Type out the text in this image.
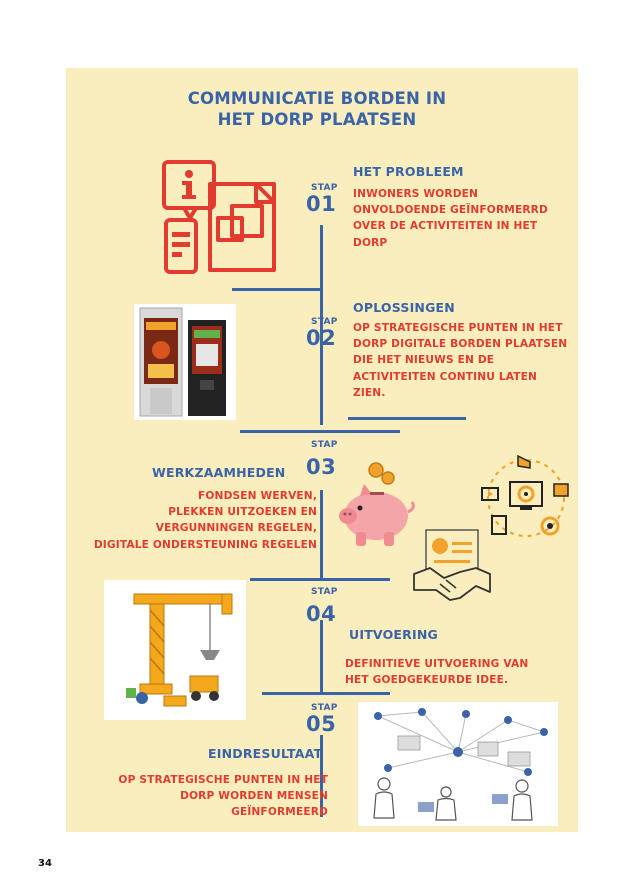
COMMUNICATIE BORDEN IN
HET DORP PLAATSEN
STAP
01
HET PROBLEEM
INWONERS WORDEN
ONVOLDOENDE GEÏNFORMERRD
OVER DE ACTIVITEITEN IN HET
DORP
OPLOSSINGEN
STAP
02 OP STRATEGISCHE PUNTEN IN HET
DORP DIGITALE BORDEN PLAATSEN
DIE HET NIEUWS EN DE
ACTIVITEITEN CONTINU LATEN
ZIEN.
STAP
03
WERKZAAMHEDEN
FONDSEN WERVEN,
PLEKKEN UITZOEKEN EN
VERGUNNINGEN REGELEN,
DIGITALE ONDERSTEUNING REGELEN
STAP
04
UITVOERING
DEFINITIEVE UITVOERING VAN
HET GOEDGEKEURDE IDEE.
STAP
05
EINDRESULTAAT
OP STRATEGISCHE PUNTEN IN HET
DORP WORDEN MENSEN
GEÏNFORMEERD
34
